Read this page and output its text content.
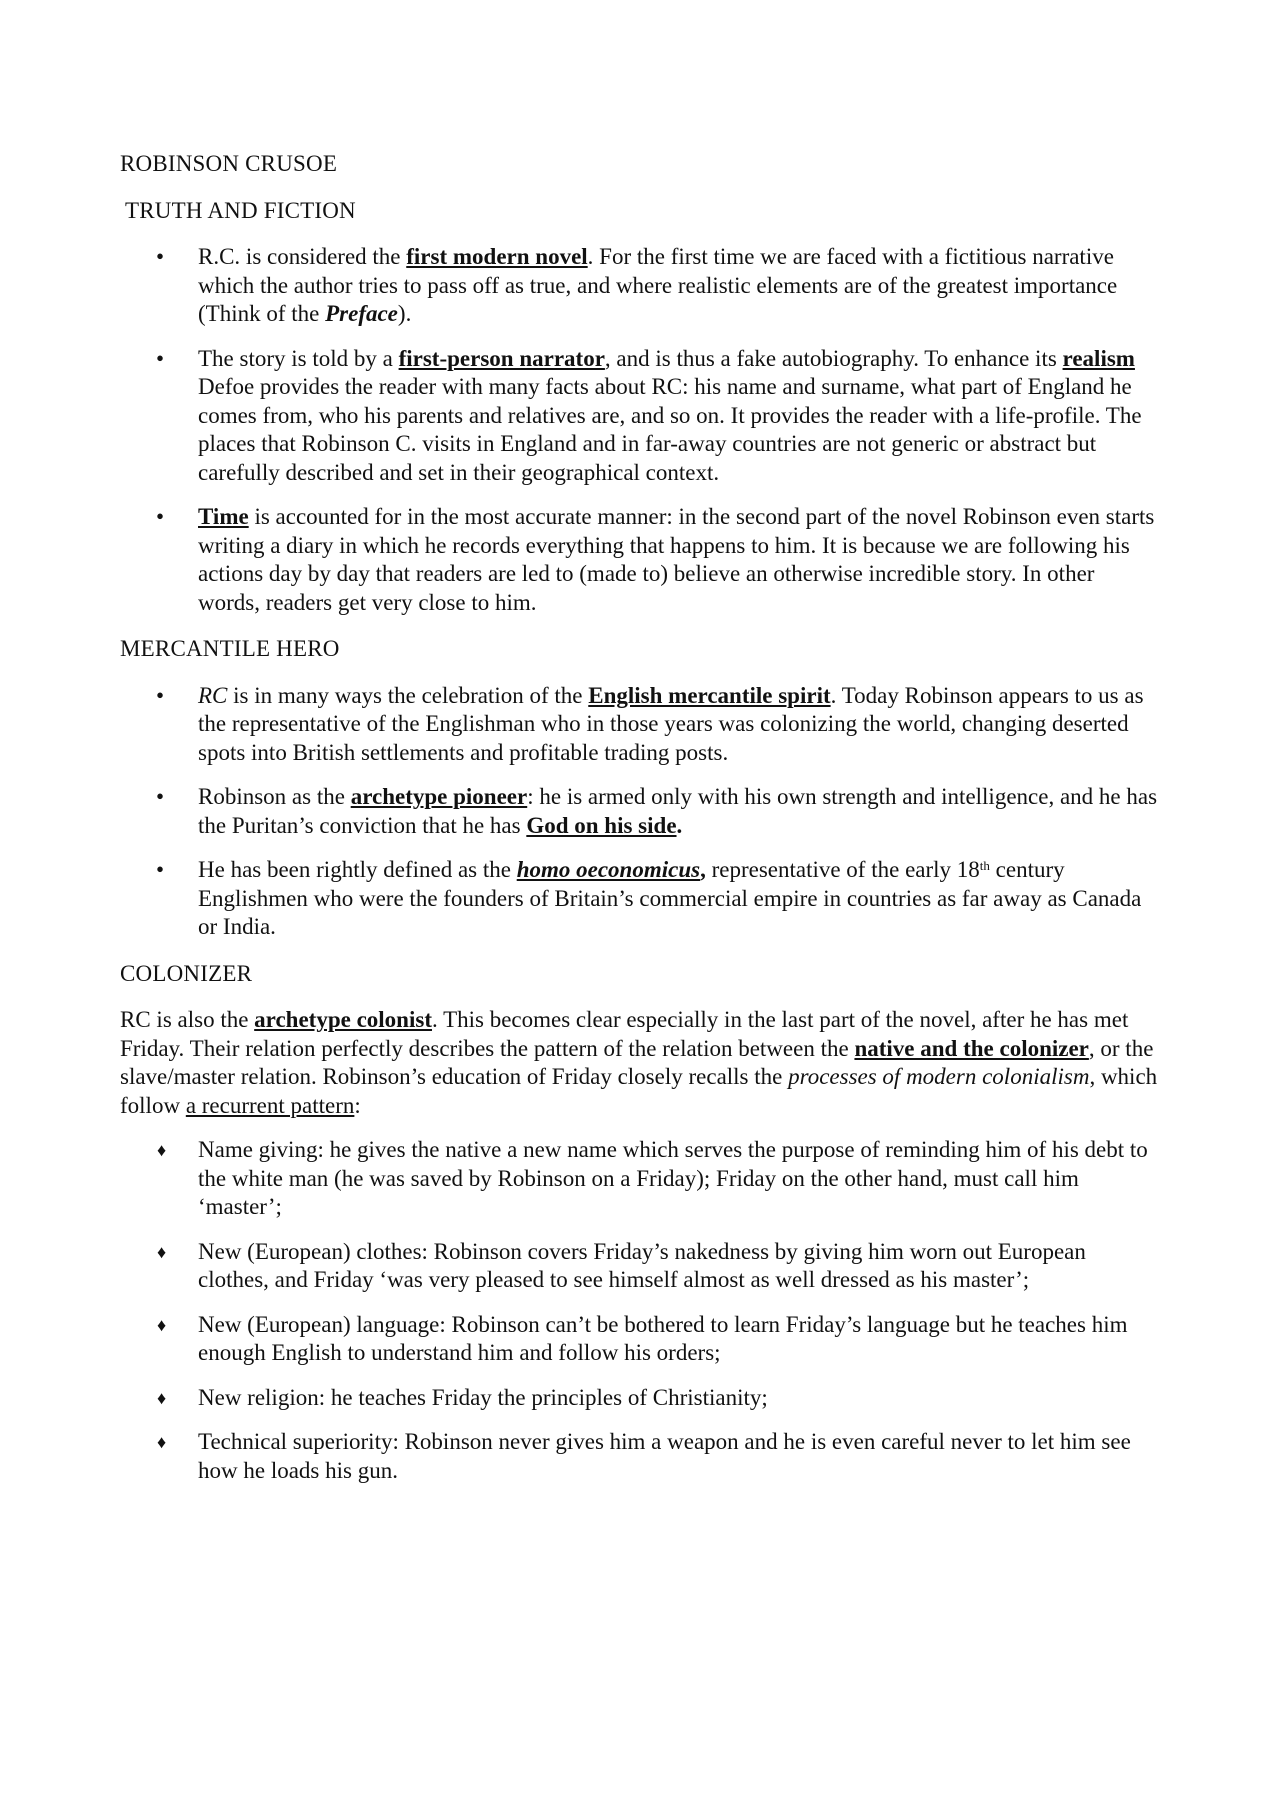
ROBINSON CRUSOE
TRUTH AND FICTION
• R.C. is considered the first modern novel. For the first time we are faced with a fictitious narrative which the author tries to pass off as true, and where realistic elements are of the greatest importance (Think of the Preface).
• The story is told by a first-person narrator, and is thus a fake autobiography. To enhance its realism Defoe provides the reader with many facts about RC: his name and surname, what part of England he comes from, who his parents and relatives are, and so on. It provides the reader with a life-profile. The places that Robinson C. visits in England and in far-away countries are not generic or abstract but carefully described and set in their geographical context.
• Time is accounted for in the most accurate manner: in the second part of the novel Robinson even starts writing a diary in which he records everything that happens to him. It is because we are following his actions day by day that readers are led to (made to) believe an otherwise incredible story. In other words, readers get very close to him.
MERCANTILE HERO
• RC is in many ways the celebration of the English mercantile spirit. Today Robinson appears to us as the representative of the Englishman who in those years was colonizing the world, changing deserted spots into British settlements and profitable trading posts.
• Robinson as the archetype pioneer: he is armed only with his own strength and intelligence, and he has the Puritan’s conviction that he has God on his side.
• He has been rightly defined as the homo oeconomicus, representative of the early 18th century Englishmen who were the founders of Britain’s commercial empire in countries as far away as Canada or India.
COLONIZER

RC is also the archetype colonist. This becomes clear especially in the last part of the novel, after he has met Friday. Their relation perfectly describes the pattern of the relation between the native and the colonizer, or the slave/master relation. Robinson’s education of Friday closely recalls the processes of modern colonialism, which follow a recurrent pattern:

♦ Name giving: he gives the native a new name which serves the purpose of reminding him of his debt to the white man (he was saved by Robinson on a Friday); Friday on the other hand, must call him ‘master’;
♦ New (European) clothes: Robinson covers Friday’s nakedness by giving him worn out European clothes, and Friday ‘was very pleased to see himself almost as well dressed as his master’;
♦ New (European) language: Robinson can’t be bothered to learn Friday’s language but he teaches him enough English to understand him and follow his orders;
♦ New religion: he teaches Friday the principles of Christianity;
♦ Technical superiority: Robinson never gives him a weapon and he is even careful never to let him see how he loads his gun.
